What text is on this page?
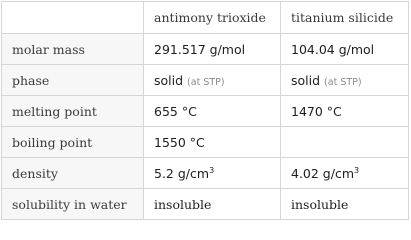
	antimony trioxide	titanium silicide
molar mass	291.517 g/mol	104.04 g/mol
phase	solid (at STP)	solid (at STP)
melting point	655 °C	1470 °C
boiling point	1550 °C	
density	5.2 $g/cm^3$	4.02 $g/cm^3$
solubility in water	insoluble	insoluble
